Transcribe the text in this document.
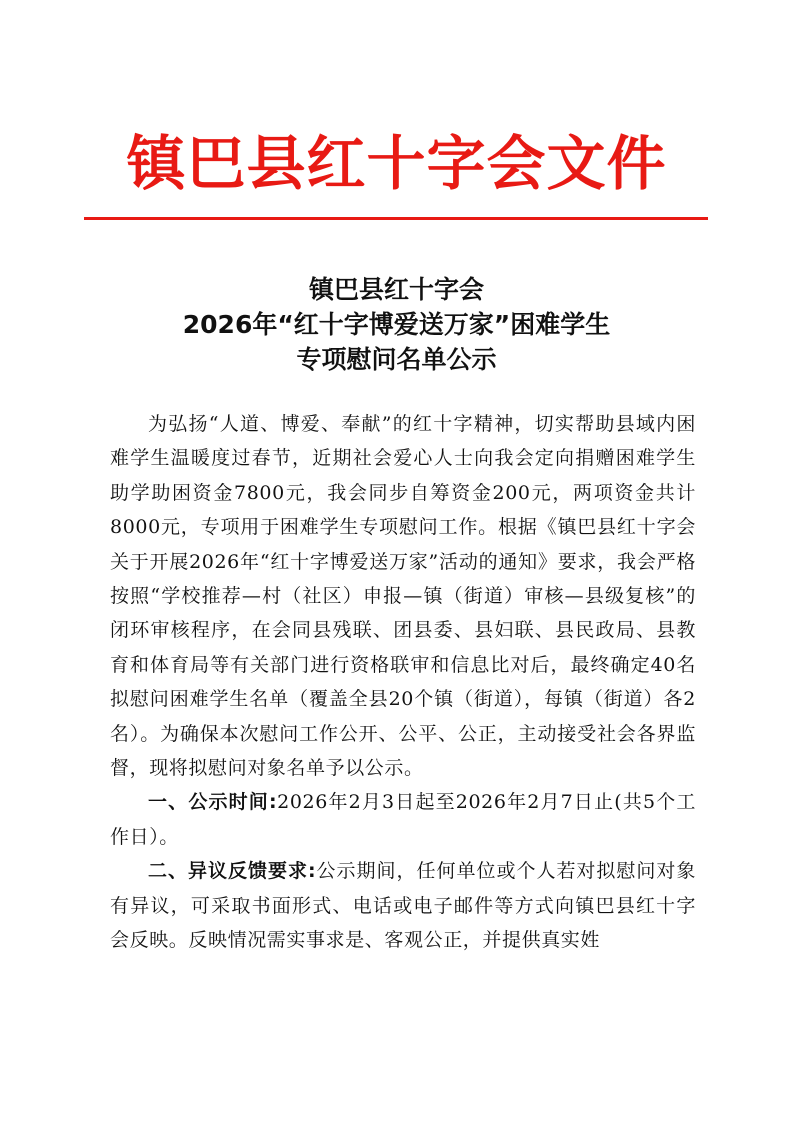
镇巴县红十字会文件
镇巴县红十字会
2026年“红十字博爱送万家”困难学生
专项慰问名单公示

为弘扬“人道、博爱、奉献”的红十字精神，切实帮助县域内困难学生温暖度过春节，近期社会爱心人士向我会定向捐赠困难学生助学助困资金7800元，我会同步自筹资金200元，两项资金共计8000元，专项用于困难学生专项慰问工作。根据《镇巴县红十字会关于开展2026年“红十字博爱送万家”活动的通知》要求，我会严格按照“学校推荐—村（社区）申报—镇（街道）审核—县级复核”的闭环审核程序，在会同县残联、团县委、县妇联、县民政局、县教育和体育局等有关部门进行资格联审和信息比对后，最终确定40名拟慰问困难学生名单（覆盖全县20个镇（街道），每镇（街道）各2名）。为确保本次慰问工作公开、公平、公正，主动接受社会各界监督，现将拟慰问对象名单予以公示。

一、公示时间:2026年2月3日起至2026年2月7日止(共5个工作日）。

二、异议反馈要求:公示期间，任何单位或个人若对拟慰问对象有异议，可采取书面形式、电话或电子邮件等方式向镇巴县红十字会反映。反映情况需实事求是、客观公正，并提供真实姓
